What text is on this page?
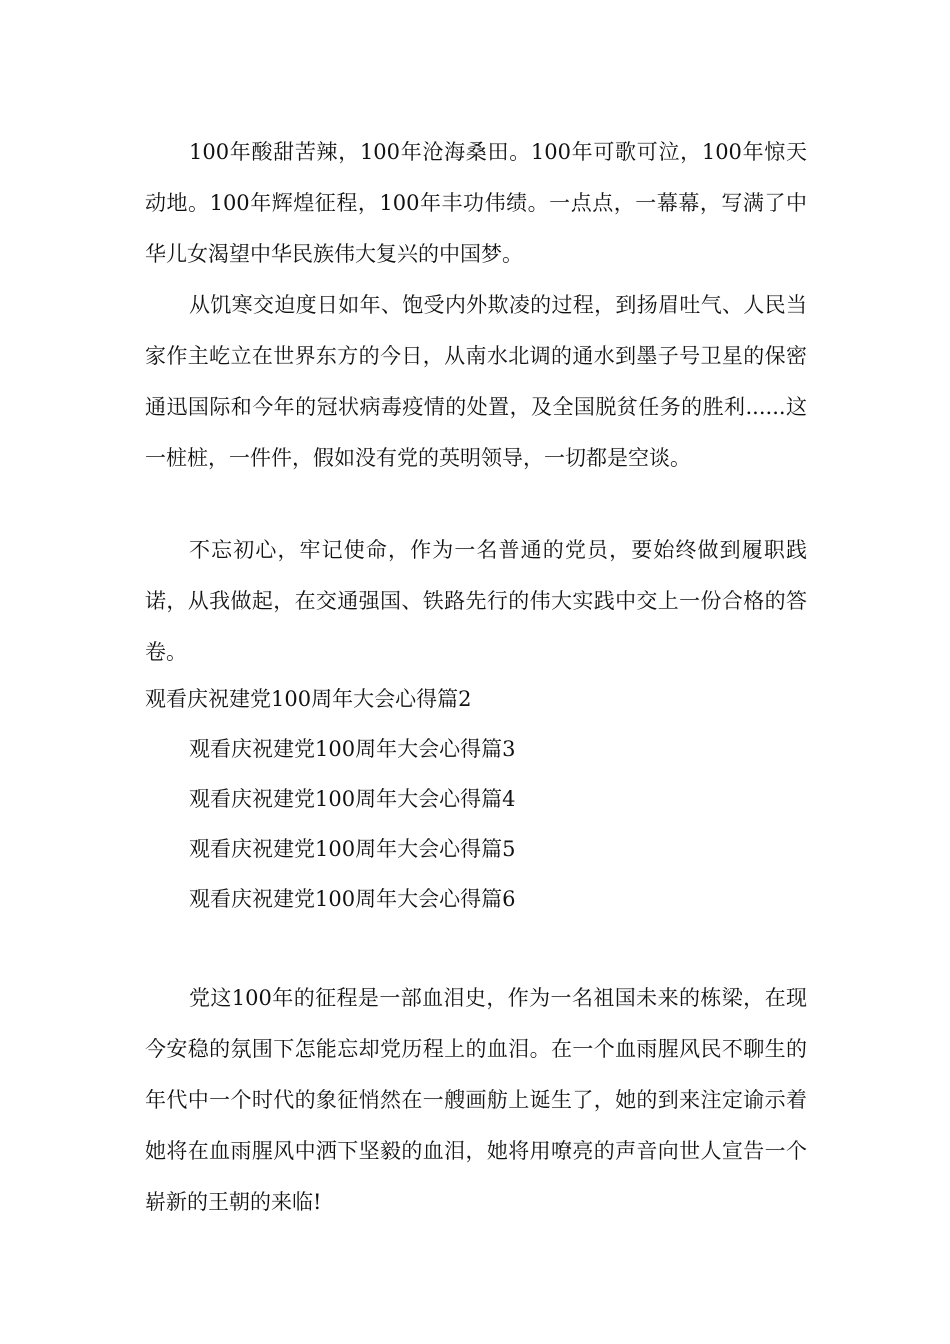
100年酸甜苦辣，100年沧海桑田。100年可歌可泣，100年惊天动地。100年辉煌征程，100年丰功伟绩。一点点，一幕幕，写满了中华儿女渴望中华民族伟大复兴的中国梦。

从饥寒交迫度日如年、饱受内外欺凌的过程，到扬眉吐气、人民当家作主屹立在世界东方的今日，从南水北调的通水到墨子号卫星的保密通迅国际和今年的冠状病毒疫情的处置，及全国脱贫任务的胜利......这一桩桩，一件件，假如没有党的英明领导，一切都是空谈。

不忘初心，牢记使命，作为一名普通的党员，要始终做到履职践诺，从我做起，在交通强国、铁路先行的伟大实践中交上一份合格的答卷。

观看庆祝建党100周年大会心得篇2
观看庆祝建党100周年大会心得篇3
观看庆祝建党100周年大会心得篇4
观看庆祝建党100周年大会心得篇5
观看庆祝建党100周年大会心得篇6

党这100年的征程是一部血泪史，作为一名祖国未来的栋梁，在现今安稳的氛围下怎能忘却党历程上的血泪。在一个血雨腥风民不聊生的年代中一个时代的象征悄然在一艘画舫上诞生了，她的到来注定谕示着她将在血雨腥风中洒下坚毅的血泪，她将用嘹亮的声音向世人宣告一个崭新的王朝的来临!
